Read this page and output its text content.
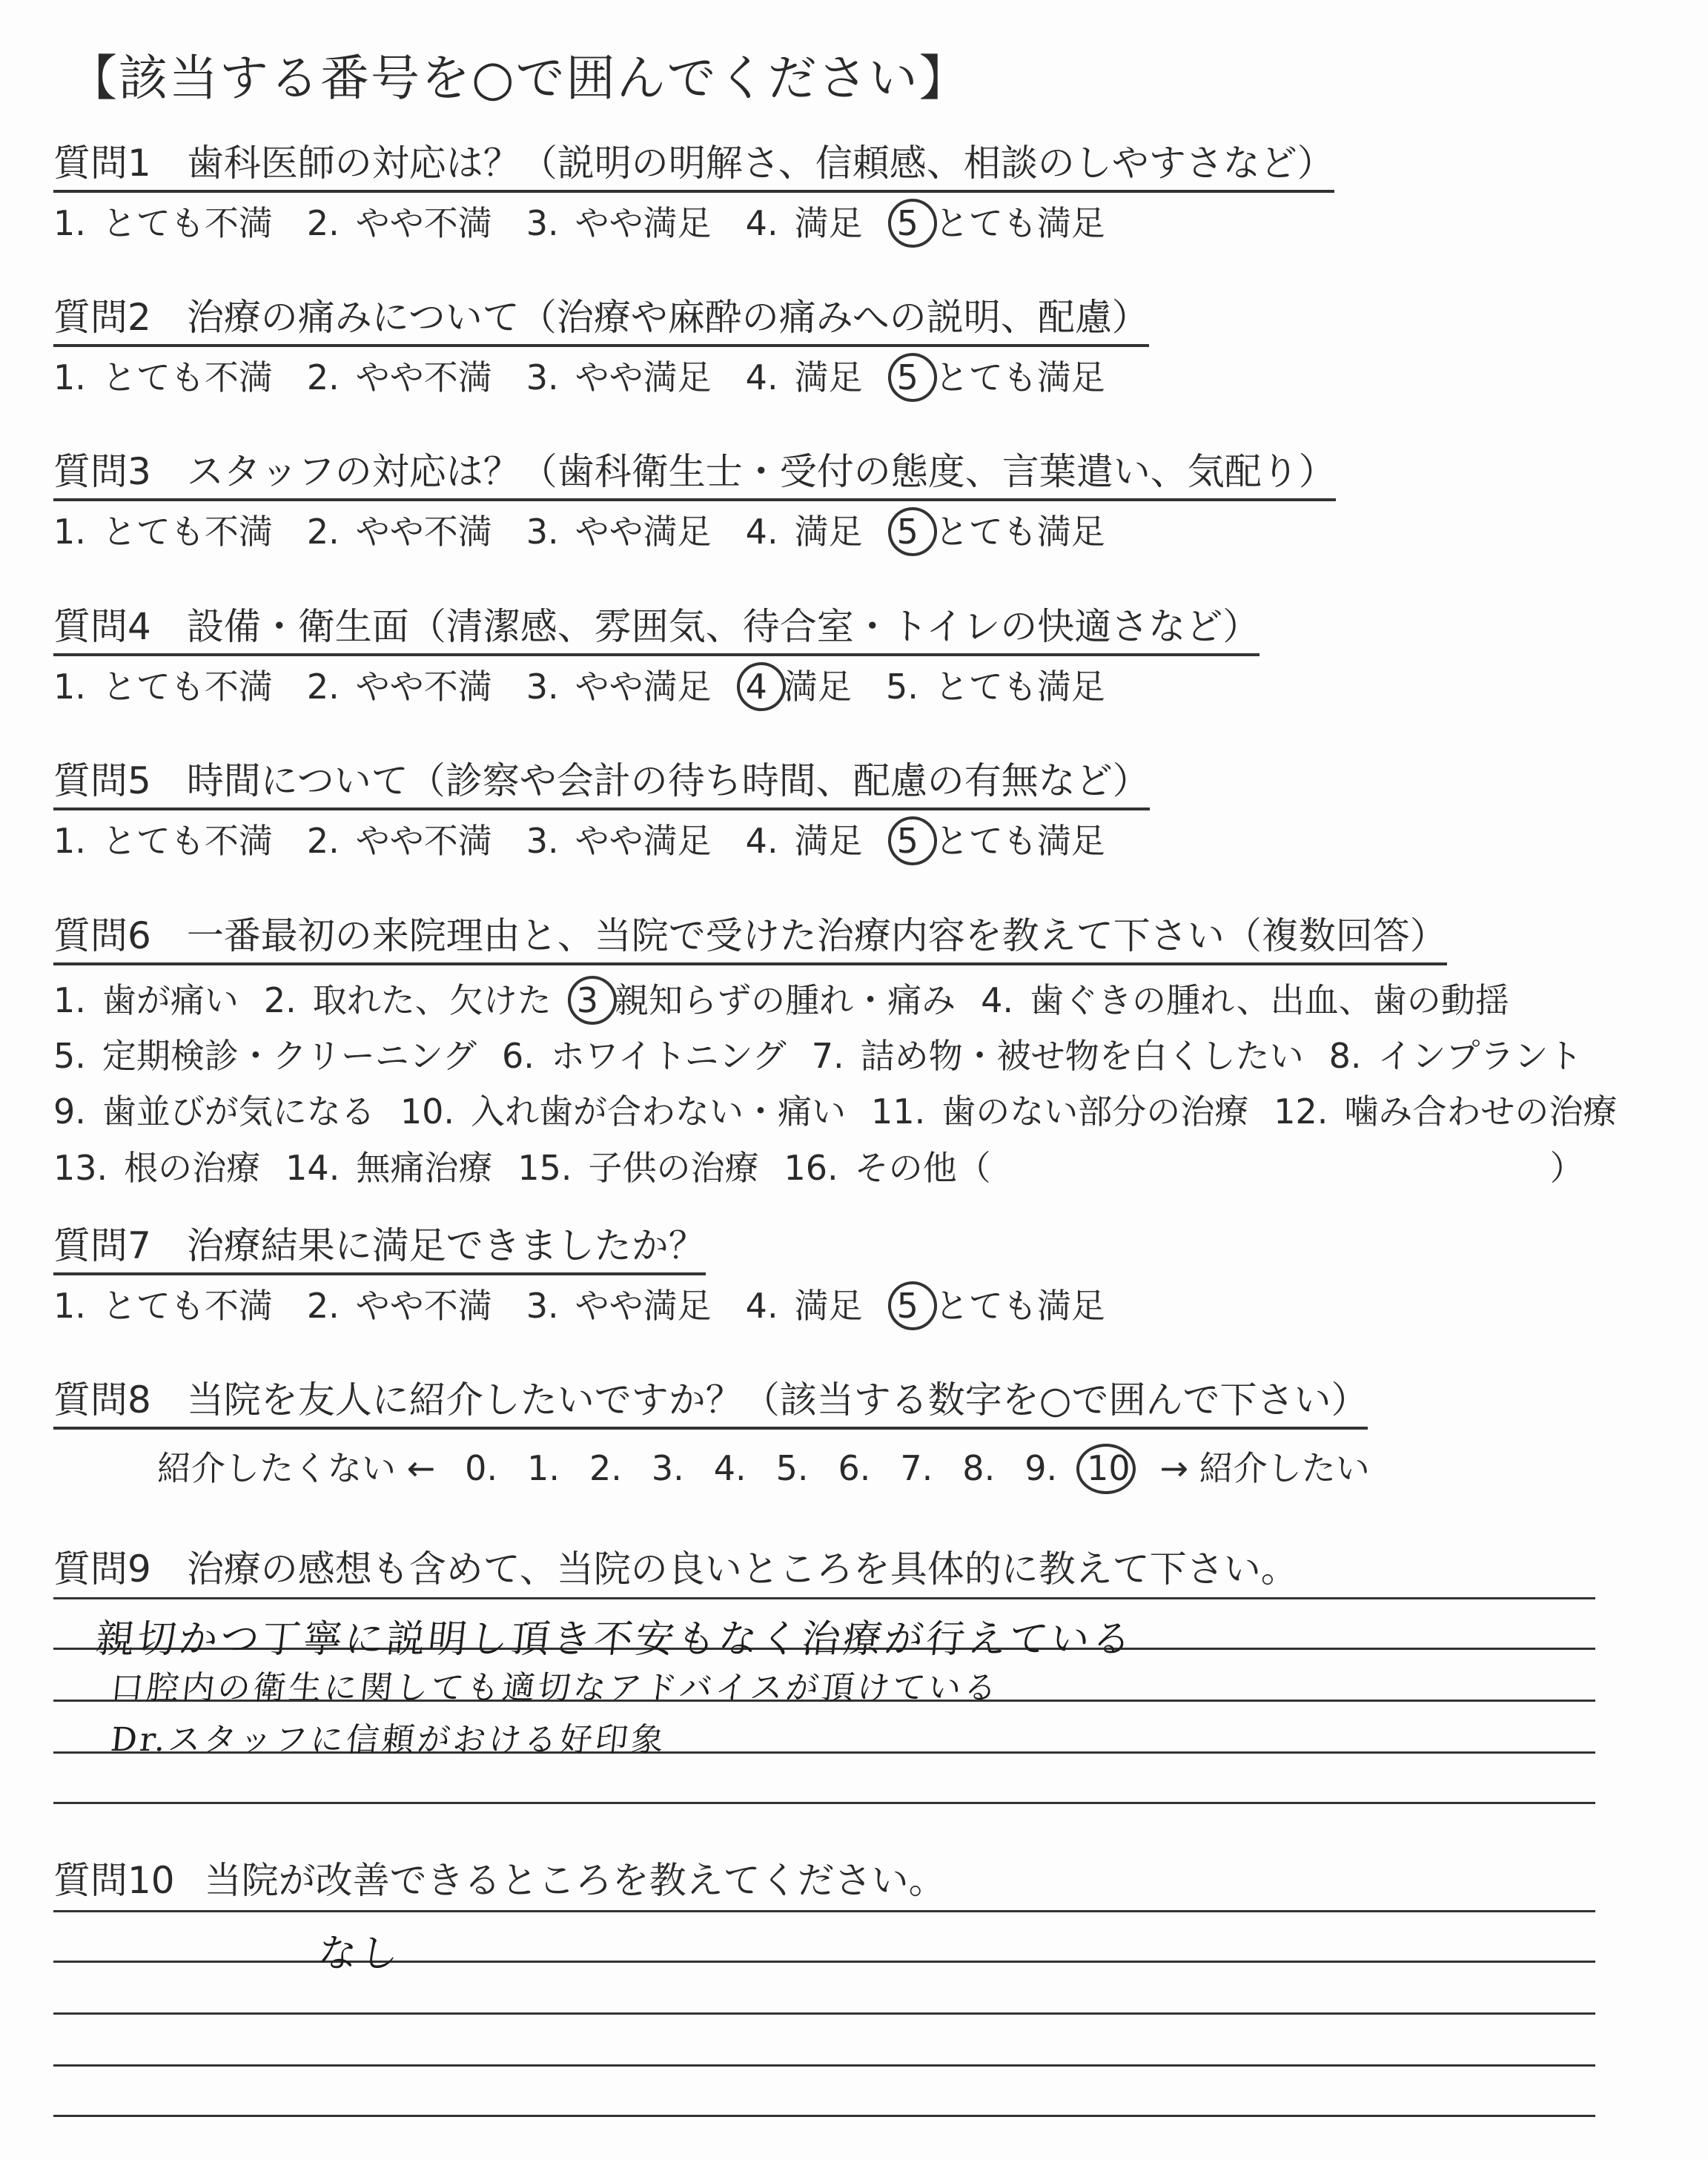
【該当する番号を○で囲んでください】
質問1 歯科医師の対応は？（説明の明解さ、信頼感、相談のしやすさなど）
1. とても不満 2. やや不満 3. やや満足 4. 満足 5 とても満足
質問2 治療の痛みについて（治療や麻酔の痛みへの説明、配慮）
1. とても不満 2. やや不満 3. やや満足 4. 満足 5 とても満足
質問3 スタッフの対応は？（歯科衛生士・受付の態度、言葉遣い、気配り）
1. とても不満 2. やや不満 3. やや満足 4. 満足 5 とても満足
質問4 設備・衛生面（清潔感、雰囲気、待合室・トイレの快適さなど）
1. とても不満 2. やや不満 3. やや満足 4 満足 5. とても満足
質問5 時間について（診察や会計の待ち時間、配慮の有無など）
1. とても不満 2. やや不満 3. やや満足 4. 満足 5 とても満足
質問6 一番最初の来院理由と、当院で受けた治療内容を教えて下さい（複数回答）
1. 歯が痛い 2. 取れた、欠けた 3 親知らずの腫れ・痛み 4. 歯ぐきの腫れ、出血、歯の動揺
5. 定期検診・クリーニング 6. ホワイトニング 7. 詰め物・被せ物を白くしたい 8. インプラント
9. 歯並びが気になる 10. 入れ歯が合わない・痛い 11. 歯のない部分の治療 12. 噛み合わせの治療
13. 根の治療 14. 無痛治療 15. 子供の治療 16. その他（	）
質問7 治療結果に満足できましたか？
1. とても不満 2. やや不満 3. やや満足 4. 満足 5 とても満足
質問8 当院を友人に紹介したいですか？（該当する数字を○で囲んで下さい）
紹介したくない ← 0. 1. 2. 3. 4. 5. 6. 7. 8. 9. 10 → 紹介したい
質問9 治療の感想も含めて、当院の良いところを具体的に教えて下さい。
親切かつ丁寧に説明し頂き不安もなく治療が行えている
口腔内の衛生に関しても適切なアドバイスが頂けている
Dr.スタッフに信頼がおける好印象
質問10 当院が改善できるところを教えてください。
なし
